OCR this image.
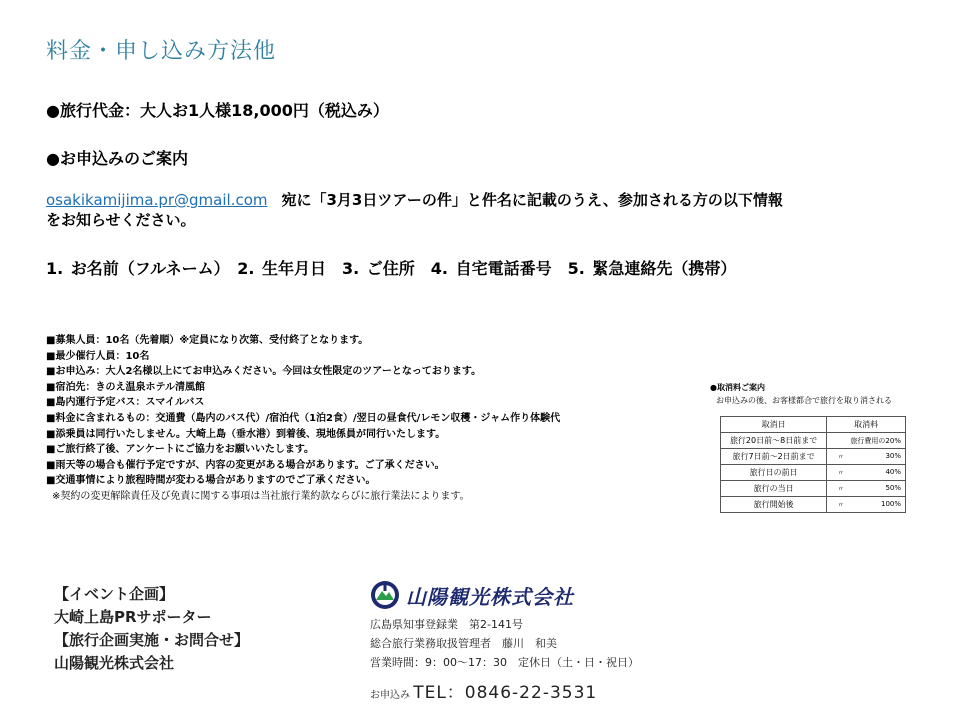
料金・申し込み方法他
●旅行代金：大人お1人様18,000円（税込み）
●お申込みのご案内
osakikamijima.pr@gmail.com 宛に「3月3日ツアーの件」と件名に記載のうえ、参加される方の以下情報
をお知らせください。
1. お名前（フルネーム） 2. 生年月日　3. ご住所　4. 自宅電話番号　5. 緊急連絡先（携帯）
■募集人員：10名（先着順）※定員になり次第、受付終了となります。
■最少催行人員：10名
■お申込み：大人2名様以上にてお申込みください。今回は女性限定のツアーとなっております。
■宿泊先：きのえ温泉ホテル清風館
■島内運行予定バス：スマイルバス
■料金に含まれるもの：交通費（島内のバス代）/宿泊代（1泊2食）/翌日の昼食代/レモン収穫・ジャム作り体験代
■添乗員は同行いたしません。大崎上島（垂水港）到着後、現地係員が同行いたします。
■ご旅行終了後、アンケートにご協力をお願いいたします。
■雨天等の場合も催行予定ですが、内容の変更がある場合があります。ご了承ください。
■交通事情により旅程時間が変わる場合がありますのでご了承ください。
※契約の変更解除責任及び免責に関する事項は当社旅行業約款ならびに旅行業法によります。
●取消料ご案内
お申込みの後、お客様都合で旅行を取り消される
取消日	取消料
旅行20日前～8日前まで	旅行費用の20%
旅行7日前～2日前まで	〃 30%
旅行日の前日	〃 40%
旅行の当日	〃 50%
旅行開始後	〃 100%
【イベント企画】
大崎上島PRサポーター
【旅行企画実施・お問合せ】
山陽観光株式会社
山陽観光株式会社
広島県知事登録業　第2-141号
総合旅行業務取扱管理者　藤川　和美
営業時間：9：00～17：30　定休日（土・日・祝日）
お申込み TEL：0846-22-3531
